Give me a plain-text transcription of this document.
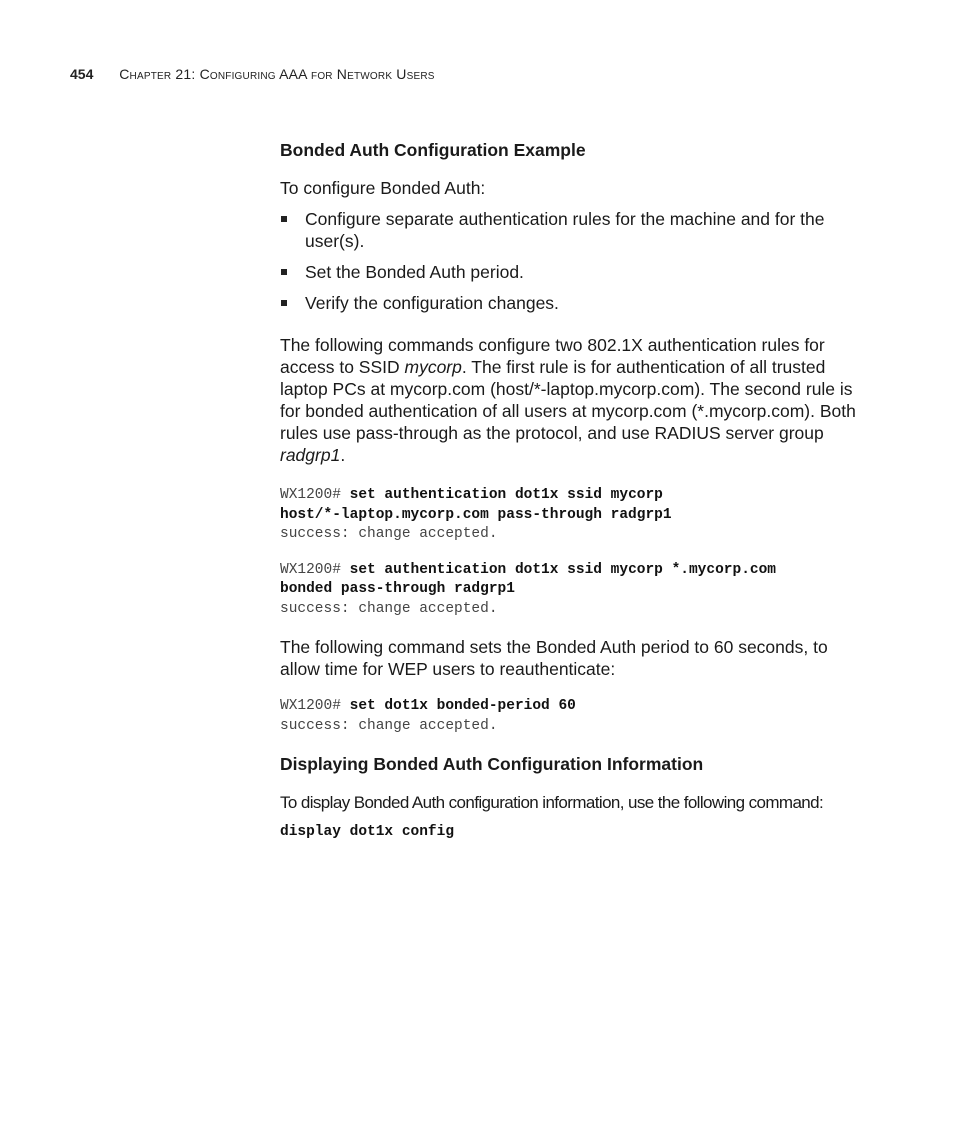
454 Chapter 21: Configuring AAA for Network Users
Bonded Auth Configuration Example

To configure Bonded Auth:

Configure separate authentication rules for the machine and for the user(s).
Set the Bonded Auth period.
Verify the configuration changes.

The following commands configure two 802.1X authentication rules for access to SSID mycorp. The first rule is for authentication of all trusted laptop PCs at mycorp.com (host/*-laptop.mycorp.com). The second rule is for bonded authentication of all users at mycorp.com (*.mycorp.com). Both rules use pass-through as the protocol, and use RADIUS server group radgrp1.

WX1200# set authentication dot1x ssid mycorp
host/*-laptop.mycorp.com pass-through radgrp1
success: change accepted.
WX1200# set authentication dot1x ssid mycorp *.mycorp.com
bonded pass-through radgrp1
success: change accepted.

The following command sets the Bonded Auth period to 60 seconds, to allow time for WEP users to reauthenticate:

WX1200# set dot1x bonded-period 60
success: change accepted.
Displaying Bonded Auth Configuration Information

To display Bonded Auth configuration information, use the following command:

display dot1x config
